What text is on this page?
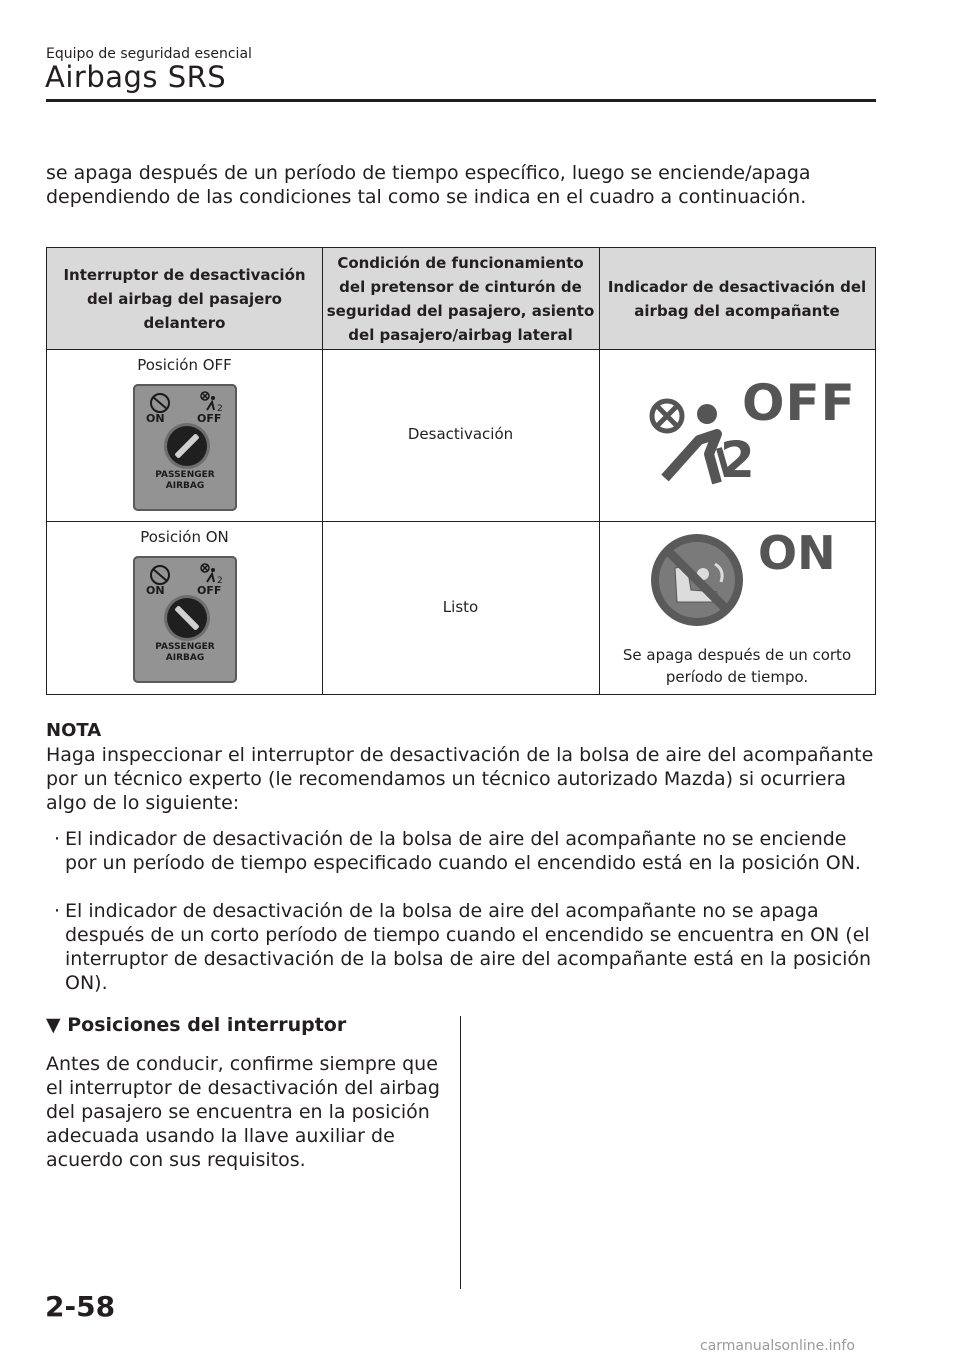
Equipo de seguridad esencial
Airbags SRS
se apaga después de un período de tiempo específico, luego se enciende/apaga dependiendo de las condiciones tal como se indica en el cuadro a continuación.
Interruptor de desactivación del airbag del pasajero delantero
Condición de funcionamiento del pretensor de cinturón de seguridad del pasajero, asiento del pasajero/airbag lateral
Indicador de desactivación del airbag del acompañante
Posición OFF
2
ON	OFF
PASSENGER
AIRBAG
Desactivación
OFF
2
Posición ON
2
ON	OFF
PASSENGER
AIRBAG
Listo
ON
Se apaga después de un corto período de tiempo.
NOTA
Haga inspeccionar el interruptor de desactivación de la bolsa de aire del acompañante por un técnico experto (le recomendamos un técnico autorizado Mazda) si ocurriera algo de lo siguiente:
· El indicador de desactivación de la bolsa de aire del acompañante no se enciende por un período de tiempo especificado cuando el encendido está en la posición ON.
· El indicador de desactivación de la bolsa de aire del acompañante no se apaga después de un corto período de tiempo cuando el encendido se encuentra en ON (el interruptor de desactivación de la bolsa de aire del acompañante está en la posición ON).
▼ Posiciones del interruptor
Antes de conducir, confirme siempre que el interruptor de desactivación del airbag del pasajero se encuentra en la posición adecuada usando la llave auxiliar de acuerdo con sus requisitos.
2-58
carmanualsonline.info
